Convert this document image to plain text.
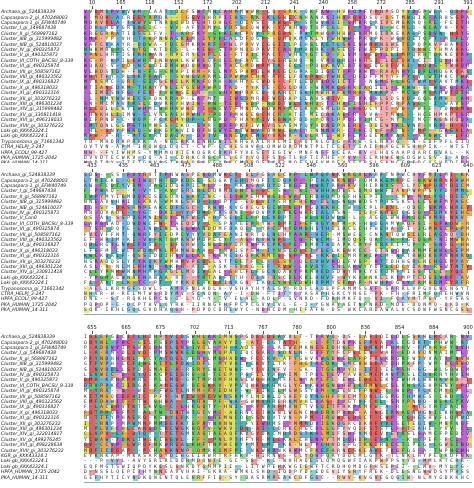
10	165	118	152	172	202	212	241	240	258	272	285	291	391
Archaea_gi_524838339	VVDMSPVWVWM-CAAT-DCFSWTMNCAHMMWWR-LQ-SRK-QKFAW-HVFQMFYPNPSDYYDGPWEA-QDPE
Capsaspora-2_gi_470248003	K-MQH-ACREEYRPQR---GGVQHRPIIAS-RK-KLGWECNHANAKIHHRQHDSQ-QSTMWQIK-ARHSGPA
Capsaspora-1_gi_EFW40749	MDAVRLA-TWWYWTNRIQWDQEHTDHGC-QIVSC-AWGSP-SFWVWGI-SMRRCRIVEMGKAQ-AE-FEITH
Cluster_I_gi_149687438	CDHLRDYGRQDEIC--VV-AFYDMYLVDSSIQWVK-YVHHNQTQPCGL-F-YTFVD-WCMLD-WCAYH-YV-
Cluster_II_gi_568987162	KRGGRRATIDSELFV-T-ARFKY-SFKIACPVYTFRGPN-PATMWGPHHWIAWMQIRKEAAGPSDVN-HRYS
Cluster_IIIB_gi_315999482	SMK-YP-VH-TFKPNNAGKIM-IYYFLALDFQGP--QMQKMNKLYYWHWW-PRQPK-WGHQETQPT-M-FLY
Cluster_IIIB_gi_524810037	VAFCVKAYR-DDWA-FDCGMKRKRF-FWLPRVVCGGIILPEHSLAETLSKINWMHNGWETEPQPKVPHAPED
Cluster_IV_gi_490325873	NWKMRQPSCKTQ-KTDCG-L-KES-STPPNQDPRVTCAQTMRNRK-RSECFFWAFPDPI-TDNWCYHMAAAG
Cluster_V_gi_490325873	YPNLHHFISFRHMAN-NPERYEHPLCE-FTVICPACT-WHKYGTED-FLVM-VEQYLLIMPQRHTQKKEVRF
Cluster_VI_COTH_BACSU_8-339 KG-P-KPILEWRHINHVHLKWKEQFQECFFAVECYGSRGNQ-N-VMQQRLHVHSI-LCIQWCCITIQVHHF-
Cluster_VI_gi_490325874	WQAQ-V-QD-NCGDIDNHWDQNVQTHTACCMDHRMTK-ECE-PQEKAVCATQSIQGQFVAI-NQDS-TWHQM
Cluster_VII_gi_508587162	VLHDSTDH-FN-FG-GMVPIHM-RLLMYSPHPQLWPEGLGPA-DIGET-PYRWY-RAANHYQDFLHQGKQAS
Cluster_VIII_gi_490323562	WHYTFY-PLRKFFAN--SVWGVARMLDPWPHCHM-RPCLFRKPNCYWNC-QFDFFMYYFPYCV-WTMKCYWK
Cluster_IX_gi_490316827	MYKSMC-QRC-EIRGENILKMKFQPH-KAHYGCWDS-CFTLEDAIDSICTF--NSMGFLHGYWMYVAVTMKI
Cluster_X_gi_496318033	NTIANEDKM-THAYYNLEVGSHPWPDTKD-YYKQE-CGCDHC-WAMKCGHKDAQIEL-LAWW-E-WECGIKA
Cluster_XI_gi_490322316	-LIMQSNFG-FEV-TVWRSECN---SHVWPRKCD-QARCTSKHMWHHFKMRA-MVKPA-MCSFMTAMWTDTW
Cluster_XII_gi_303276232	-L-NMYWWWECSRQKRRAP-EATMT--IWSDMRDFWCDAPLLAVSHIV--TVKQHLGDSVDPGQGAMH--AN
Cluster_XIII_gi_496301234	SN-MCMAVTRSLCDVRRYHVIW-PW-TEQ-SDP-RDDTWLENHQSTCHAEISHIFPPCRPASG--I-WAVSP
Cluster_XIV_gi_315999482	HLEQLLEKYIWHMLWHHKWWD-I-WGVTFMNTACDVMFMGCK-KSMLDG-FGGCYIC-VQ-PWFE-YQRDMS
Cluster_XV_gi_330811418	KHNKHLIIMW-SLVNSAEHPWNY-PDFFMWGEGCNCH-ATE-MECRKAEFR-VVA-TMWL--HCEHMAPCSR
Cluster_XVI_gi_496318033	NIFPNW-C-WQP-FCKCMYQP-LNGPD-FHAYYIVSEWAFDD-YQRLPPQGYIMCG-MYT-TMCTKENHQQF
Cluster_XVII_gi_303276232	CMTQNLGGPGTHMWES-IKD-SVR-DRFPKFIVKVQSASMYQYRDNDPAERQ-DDEWTKLVNF-VRP-H-AN
Loki-gb_KKK43324.1	-HL-SNYPNNQ-WEKGYKVIDQFNSWYEATWNVHQMNLGAIY-NMNVR-CTHCQVF-R-N-YMP--GRGALA
Loki-gb_KKK43324.1	MFW-A-R--MTGYRTDAQA--DVTV-NNGDKCMSYVAWR-NQLRYL-WFFLPGEEMMKAA--AFNWCV-LFQ
Trypanosoma_gi_71661342	TD-MHDRKPRKK-A-NGIRKAENHGNILKHGAALRVLMICAQTKLGIG-AKW-SLNAHG--N-EDFPFLGIQ
CTRA_HELPJ_3-247	QVTVN-APM-IRQWCLDQCT-CWP-CCHESHVFLQMWDRQMNTPLTCCETYIAIFNAGLHSHHPIK--WTST
HPFA_ECOLI_99-427	NW--FYIWHMS-YMMMQVIEKQGRCDKRFYVESETEGIW-MNFNGFSCEA-HV-LHQSAAPQARCGVAL--K
PKA_HUMAN_1725-2042	DVVDTECWKV-DQ-AI-CDRKCRGCRLLGFYVQIFSTSTLFFTIAHE-YVV-CLRHWEWGDGWLSV-I-AQS
433	435	463	473	488	508	522	548	560	596	609	623	640
Archaea_gi_524838339	SDS--SS-FVYRVTTPNWASPEKQMWKCT-SLFGSACCVP-LWPQFNKWRGALKHFTNPWCHYFMTLMT-KK
Capsaspora-2_gi_470248003	LTMICKL-QKIWQTHTGPKDSE-SQGKYGHQMQFICDGAP--PCHAKKNNP-QMRKGMFPE-NKWNRNKRWM
Capsaspora-1_gi_EFW40749	AW-FCDTYVRM-VAGIDQAPILMLY-P-MKASARDYDIHGEIHWRTRFHKV-HIRNVS-CLYQWPQRYDQCM
Cluster_I_gi_549687438	F-PWAQ---P-VYL-AVYSRLRLDQRMDQNTE-GC-SS--KI-WHHAQESLQMQGWFIAKPWPPSYYD-MML
Cluster_II_gi_568987162	IVPYMYIGMDQKISEGQRLSKYINC-LITWPEHKWGIEWFTCRDHQMDGFHSEPII--LMV-MYLYG-DIGY
Cluster_IIIB_gi_315999482	NNEAVVHAI-GKRA-WMKLSHD-IQDPYD-EDEVIYSRYFREK-DLESNGWWDSYPHSSKSLLEGWFMYAGC
Cluster_IIIB_gi_524810037	IQ-SY-DASRMPEAKCDFGGC--RWV-KVGVEGQGIW-NLMYGDKKHCTW-GCPLPDNL-QDG-SKMCNREV
Cluster_IV_gi_490325873	MR-QVADC-YYGT-DKI-YYPDMDYASDNT-WDVPPDTKEWHRIALASN--IGFFKMETCGSQ-CQMKYEHC
Cluster_V_Con0	QS-AS-SSPDSMNIWQYEMFWEN-RPSEEILFPCEVDPT--WEQHDWDW-L--AGGLWWFMQQWVMF-NKV-
Cluster_VI_COTH_BACSU_8-339 CAPSNAD-DWDWCFW-TAEQDV-L-GPAAEEPRYW-DMFIFEFHGYKTM-K-HSDGAMVAQFSI-GFRQW-N
Cluster_VI_gi_490325874	-TSH-DQYE-LINDINLSELWANDDMFDRQCL-YFCWHYDMDHSTHDIRCECHFHEHA-FI-IGMWSCPLPM
Cluster_VII_gi_508587162	FVCVFFNT-QNRFYIEDPCVYYVDAFEANIWRTQLNLHYAAR-HER-MSWEG-CNKNTQWSELRLAGNQ-DH
Cluster_VIII_gi_490323562	EF-WRIM-KI-VVFKTSMAWWPDPLCYT-AGHRVWWPE-CQ-RWCM-IMQQSFQAT-H-FGCQEM-NIMWNA
Cluster_IX_gi_490316827	QDGRGTGNFIFNSI--IFGRW-GNLDHYQPHNPRCPKCYESDMHTWDAPKCMYFVRKKIFGP-K-SNFG-HW
Cluster_X_gi_496318033	LFGFM-CWLTWDMMKLMHMWDAA--YMVISYGM-IYNSCDLETYEELKENKCC-QTNQQQAAMMFWHESEPM
Cluster_XI_gi_490322316	KWCKQRIF-QSSQDDIHNVLLKK-KKMESGQFKMMTS-SPPYE-RKQILMRYWIPCM-NRTRWQKSPNNHRD
Cluster_XII_gi_303276232	NSRADQSLYYYKQKYWMHHVPEDSLSTTGETFCL--LSY-QLCVHVHQLFVGP-HTTDHHSRGNCHGEPYAY
Cluster_XIII_gi_496301234	ASL-R-NLMLHHN--RKFH-AIE-ASK-SFKG-EF-RVW-LAVDY-SNLAKWYYDPEEDCYDAP-RSWTNTV
Cluster_XIV_gi_330811418	CLEYPMHWMNMHMFGAGLLMQIVGAL-SHLFLFGCNQAVYPRMHEDSDHYNHCYETQMFMISSTCLI-YQET
Loki-gb_KKK43324.1	-YPGMALWNAFNAWAA-RT--YHTAGFTTH-QIN-DSCDLKKLHHVF-WYKAWNKLIKTMPTCDGIVQF-AV
Loki-gb_KKK43324.1	FI-AAT-LK-TC-PT-YYKKQEAKDAINRGN-IAQLYWQVDWHDPMYSFAAP-NWHPDGYYYRMHDMGYRFR
Trypanosoma_gi_71661342	-AELLKRMGFSDWLF-AMRFNIADLA-VSHAYHYAEGY-RDFLADEPFAMMGSAF-SARRLVPGVEWCNGYT
CTRA_HELPJ_3-247	NHVR-W-RELMTWSRDYMV-SCNQN-AY-I-DW-FTITYCYASAPHGKCYNGE-PK-FH-FRIMFQREHWVN
HPFA_ECOLI_99-427	DNE--ST-RQKHGPCN-Q-LYQ-Y-TV-ELAL-ADLP-SVNRD-FDRNMKFQ--VI-FCAYMTPGY-YFSAS
PKA_HUMAN_1725-2042	PQPDP-E-DCPTHVLQYRK-IIRNGFHFPCPCGVVQVL-E-I-YGWAYAETNPNAD-MDE-DQNMQ-QKD-K
PKA_HUMAN_14-311	SQK-IKHLGQLGVDHAQGH-PDPQCDHEWYC-NDNCDM-HIFAFN-DS-WKCARDAWALVCSDWFWSNCGSL
655	665	675	702	713	767	780	800	836	854	884	900
Archaea_gi_524838339	IGEEFGICITLHDHPYVCDSWHLAKIMWSPGDEEDEAYVLT-TFRVQ-DS-IAFIQICDLSSKWLRCAR-NV
Capsaspora-2_gi_470248003	QDYNL-FHC-GILFSSPSYPGLGVAAVYI--AT-EGTATH---L-FTDNPKGFPVA-RLCGDKTVPHWW-RT
Capsaspora-1_gi_EFW40749	P-ADQVYIPSWAQDWYLQNEIVQL-YH-AADS-F-LAEWEMKNISIDHKE-EQNKMFHMHV-FMVRFFYRVH
Cluster_I_gi_549687438	L-A-RM-DLQVD-PMSWWKEDGHVMQPACIQCGARTSDNLN-GQFYYFCPELEW-WAF-EDAVQNMAIMTLT
Cluster_II_gi_568987162	PFYNDHHENL-VCYATQGLYFNYLMEHADW-FCCKV-AFYGHVNWSDKELAFPFRLKRGRFWTYVATTFNVW
Cluster_IIIB_gi_315999482	GTFVPH-ECFIWEKIYLPDKIDFL-MYVALYEKVTLTK-FHGTREDK-GMCHWSDATQHPKFP-WP-KCRVD
Cluster_IIIB_gi_524810037	S-NVRDLLSYD-GMAE-A-RSRYEWETWNF-YIVINFV--SA-ITGEMVYQ-IFI-IEPSN-GG-WLGQWCM
Cluster_IV_gi_490325873	LSVWCC-Q-QYQIKGPEIGRQ-Q-TCEP-PGFILYAFAIM-TPDLTEVYAVHCMCMAVTRSLCDVRRYHVIW
Cluster_V_gi_490325873	DMA-KRRRPMHS-PLEMD-GPTMPQMFHHSLWQHHDMFFLNYAYLFL-EHLEQLLEKYIWHMLWHHKWWD-I
Cluster_VI_COTH_BACSU_8-339 DRVPPKCIIRGA-KAMEGW-DEGKKV-VPVQHKEKWMGLYGVKHWGNSHWIKNMNLCSLVNSAEHPWNY-PD
Cluster_VI_gi_490325874	M-YRA--N--WE-FFWGTLNMM-AFEDHF-W-IIKILMGWSSYDM-VICNIFPNW-C-WQP-FCKCMYQP-L
Cluster_VII_gi_508587162	KITMSQCDFHIC-PFY-HVIW-RCVWRSKMYLNDWLQSAEFQYNGHFFVCMTQNLGGPGTHMWES-IKD-SV
Cluster_VIII_gi_490323562	EMFDAWIQ-TTW-SHNA--CMHA-PF-WA-GWMVNRERKMVHLHAS-TVGTVFCHL-SNYPNNQ-WEKGYKV
Cluster_IX_gi_490316827	F-LACERVTKTSKVC-C-LHKGQTY-HWIS-RYKARPMANTTVSQITFRKPKMFW-A-R--MTGYRTDAQA-
Cluster_X_gi_496318033	FQTPMQEFFT-ALTW-DNTWTGCVMI-AERNCEIWWNIWGNCMHDRKPRKK-A-NGIRKAENHGNILKHGAA
Cluster_XI_gi_490322316	N-TIFYPHAERQ-KSDYLFK---GREMWCQISSNQVTVN-APM-IRQWCLDQCT-CWP-CCHESHVFLQMWD
Cluster_XII_gi_303276232	I--RNP-MPWMNPMMDEFKTGFAYWHNW--FYIWHMS-YMMMQVIEKQGRCDKRFYVESETEGIW-MNFNGF
Cluster_XIII_gi_496301234	M-PLVFCHLCANGDLRCWGKHQYV-WKV-DQ-AI-CDRKCRGCRLLGFYVQIFSTSTLFFTIAHE-YVV-CL
Cluster_XIV_gi_322014817	CLVPV-LF-DTQY-TTETGMVASTAEAQFKVGYDKCMDRDSTKALMQFSHFVMQEVYEYRSLSAMCFPEDCV
Cluster_XV_gi_499276245	YCWAW-TDKLIWSKIHEVL-FF--PNLPTNFYR-MECKALCHENVYTMIQHDP-EFN---K-QPEF-FCI-T
Cluster_XVI_gi_498228638	GV-CCVP-LWPQFNKWRGALKHFTNPWCHYFMTLMT-KK-WLTPCHVDGPGTKKDRQCCTIPEG-LGWSIND
Cluster_XVII_gi_303276232	MQFICDGAP--PCHAKKNNP-QMRKGMFPE-NKWNRNKRWMCFKEFARNCSKEAWETKGFQG-A-TWPNGWN
KGR_gi_KKK43324.1	EYKNKAP-MKASARDYDIHGEIHWRTRFHKV-HIRNVS-CLYQWPQRYDQCMLGTK-TLNKLHYPEDKDFNK
Loki-gb_KKK43324.1	---P-VYL-AVYSRLRLDQRMDQNTE-GC-SS--KI-WHHAQESLQMQGWFIAKPWPPSYYD-MMLKTCRR-
Loki-gb_KKK43324.1	EQFMGTSWIQPDYKESLSNKDYGMMPII--LITWPEHKWGIEWFTCRDHQMDGFHSEPII--LMV-MYLYG-
HPFA_HUMAN_1725-2042	D-NSSLQEPITHYNNEAVVHAI-GKRA-WMKLSHD-IQDPYD-EDEVIYSRYFREK-DLESNGWWDSYPHSS
PKA_HUMAN_14-311	GEFHYTICYNDKQNENTQLEHRFFIQ-SY-DASRMPEAKCDFGGC--RWV-KVGVEGQGIW-NLMYGDKKHC
